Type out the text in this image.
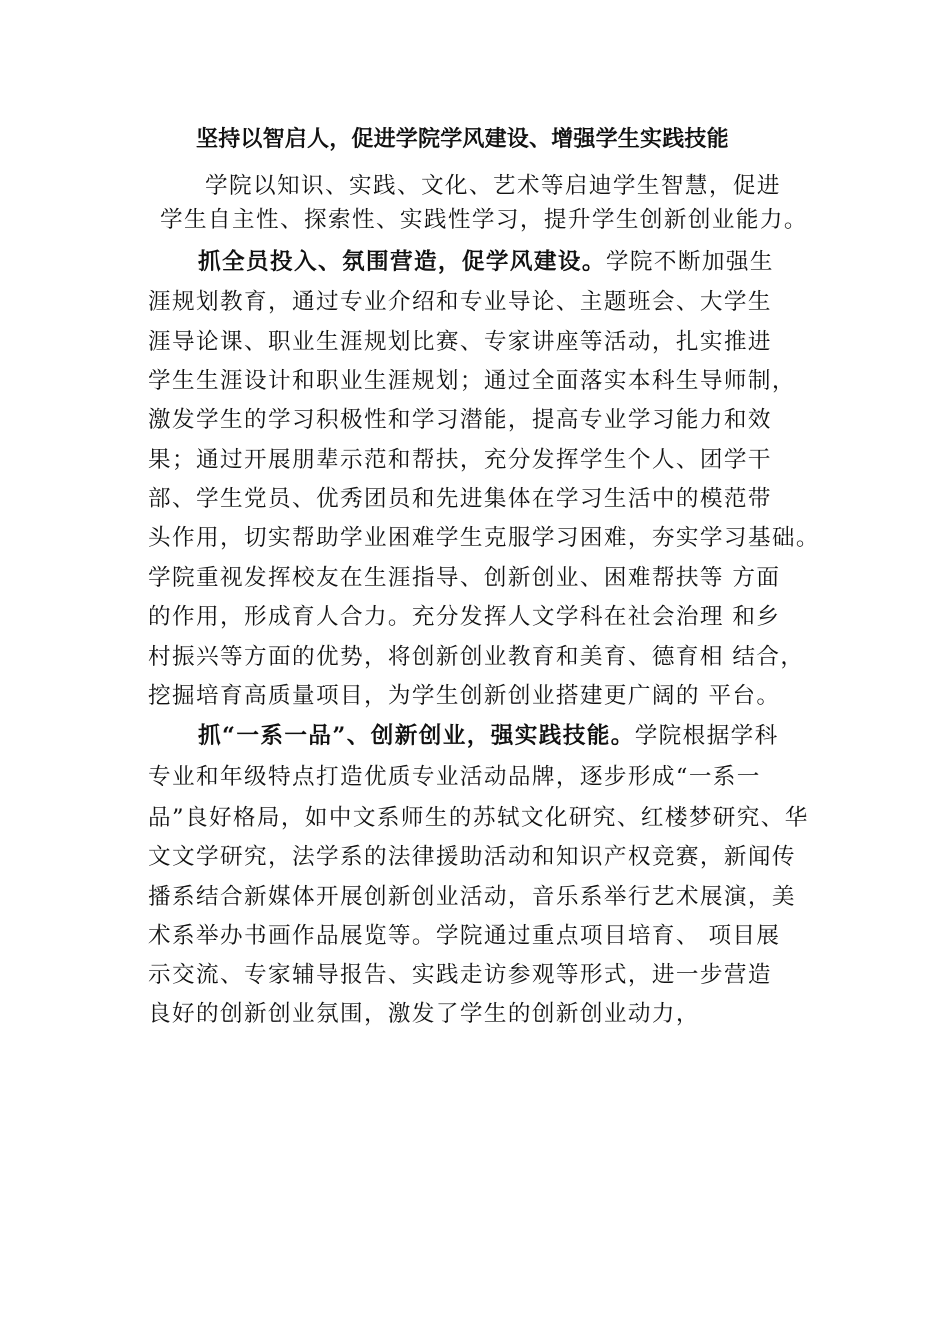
坚持以智启人，促进学院学风建设、增强学生实践技能
学院以知识、实践、文化、艺术等启迪学生智慧，促进
学生自主性、探索性、实践性学习，提升学生创新创业能力。
抓全员投入、氛围营造，促学风建设。学院不断加强生
涯规划教育，通过专业介绍和专业导论、主题班会、大学生
涯导论课、职业生涯规划比赛、专家讲座等活动，扎实推进
学生生涯设计和职业生涯规划；通过全面落实本科生导师制，
激发学生的学习积极性和学习潜能，提高专业学习能力和效
果；通过开展朋辈示范和帮扶，充分发挥学生个人、团学干
部、学生党员、优秀团员和先进集体在学习生活中的模范带
头作用，切实帮助学业困难学生克服学习困难，夯实学习基础。
学院重视发挥校友在生涯指导、创新创业、困难帮扶等 方面
的作用，形成育人合力。充分发挥人文学科在社会治理 和乡
村振兴等方面的优势，将创新创业教育和美育、德育相 结合，
挖掘培育高质量项目，为学生创新创业搭建更广阔的 平台。
抓“一系一品”、创新创业，强实践技能。学院根据学科
专业和年级特点打造优质专业活动品牌，逐步形成“一系一
品”良好格局，如中文系师生的苏轼文化研究、红楼梦研究、华
文文学研究，法学系的法律援助活动和知识产权竞赛，新闻传
播系结合新媒体开展创新创业活动，音乐系举行艺术展演，美
术系举办书画作品展览等。学院通过重点项目培育、 项目展
示交流、专家辅导报告、实践走访参观等形式，进一步营造
良好的创新创业氛围，激发了学生的创新创业动力，
